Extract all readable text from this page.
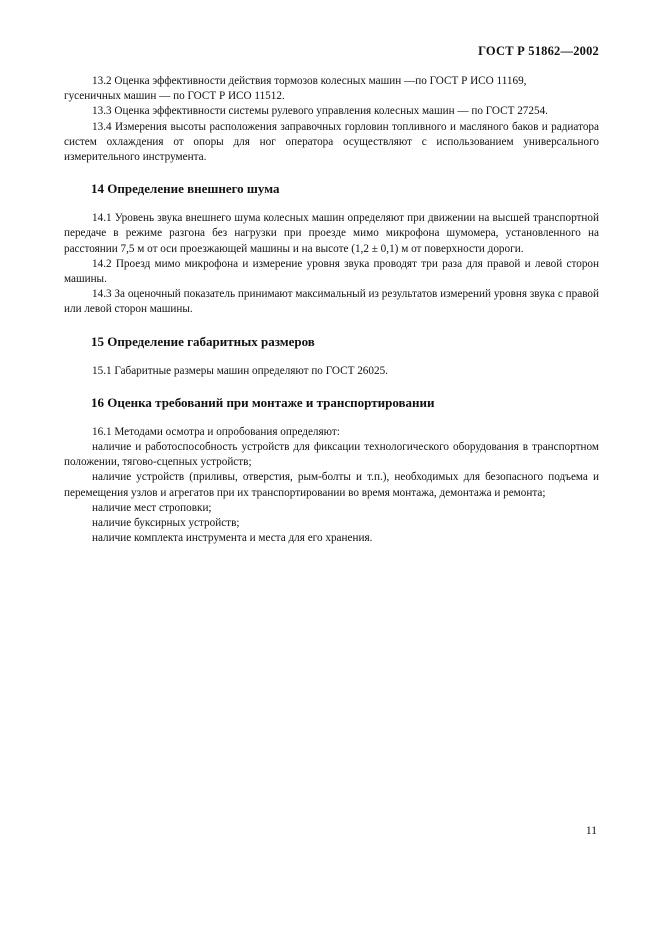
ГОСТ Р 51862—2002

13.2 Оценка эффективности действия тормозов колесных машин —по ГОСТ Р ИСО 11169,

гусеничных машин — по ГОСТ Р ИСО 11512.

13.3 Оценка эффективности системы рулевого управления колесных машин — по ГОСТ 27254.

13.4 Измерения высоты расположения заправочных горловин топливного и масляного баков и радиатора систем охлаждения от опоры для ног оператора осуществляют с использованием универсального измерительного инструмента.

14 Определение внешнего шума

14.1 Уровень звука внешнего шума колесных машин определяют при движении на высшей транспортной передаче в режиме разгона без нагрузки при проезде мимо микрофона шумомера, установленного на расстоянии 7,5 м от оси проезжающей машины и на высоте (1,2 ± 0,1) м от поверхности дороги.

14.2 Проезд мимо микрофона и измерение уровня звука проводят три раза для правой и левой сторон машины.

14.3 За оценочный показатель принимают максимальный из результатов измерений уровня звука с правой или левой сторон машины.

15 Определение габаритных размеров

15.1 Габаритные размеры машин определяют по ГОСТ 26025.

16 Оценка требований при монтаже и транспортировании

16.1 Методами осмотра и опробования определяют:

наличие и работоспособность устройств для фиксации технологического оборудования в транспортном положении, тягово-сцепных устройств;

наличие устройств (приливы, отверстия, рым-болты и т.п.), необходимых для безопасного подъема и перемещения узлов и агрегатов при их транспортировании во время монтажа, демонтажа и ремонта;

наличие мест строповки;

наличие буксирных устройств;

наличие комплекта инструмента и места для его хранения.

11
